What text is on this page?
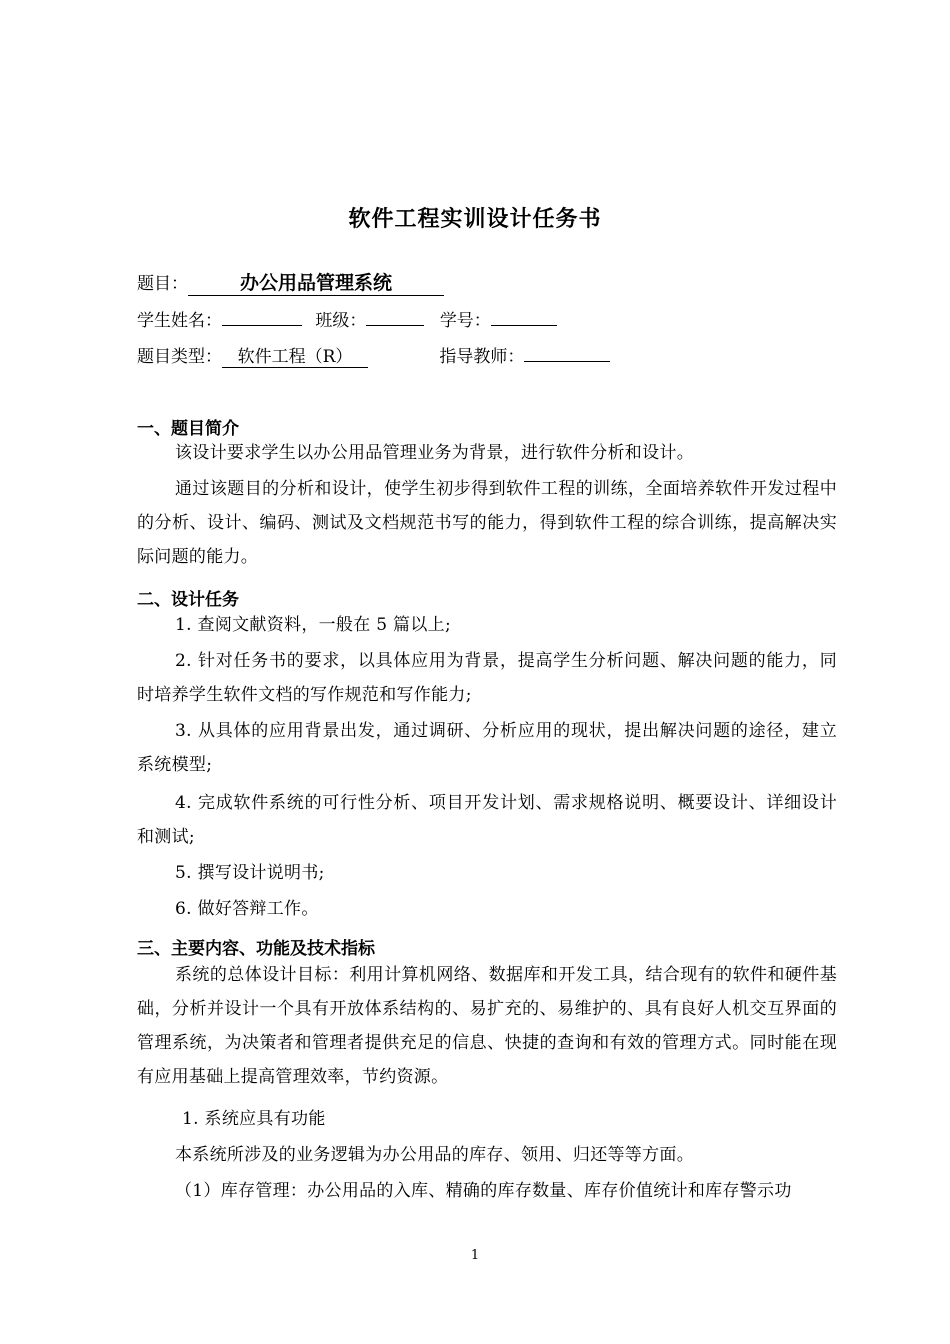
软件工程实训设计任务书
题目：	办公用品管理系统
学生姓名：	班级：	学号：
题目类型： 软件工程（R）	指导教师：
一、题目简介
该设计要求学生以办公用品管理业务为背景，进行软件分析和设计。
通过该题目的分析和设计，使学生初步得到软件工程的训练，全面培养软件开发过程中的分析、设计、编码、测试及文档规范书写的能力，得到软件工程的综合训练，提高解决实际问题的能力。
二、设计任务
1. 查阅文献资料，一般在 5 篇以上;
2. 针对任务书的要求，以具体应用为背景，提高学生分析问题、解决问题的能力，同时培养学生软件文档的写作规范和写作能力;
3. 从具体的应用背景出发，通过调研、分析应用的现状，提出解决问题的途径，建立系统模型;
4. 完成软件系统的可行性分析、项目开发计划、需求规格说明、概要设计、详细设计和测试;
5. 撰写设计说明书;
6. 做好答辩工作。
三、主要内容、功能及技术指标
系统的总体设计目标：利用计算机网络、数据库和开发工具，结合现有的软件和硬件基础，分析并设计一个具有开放体系结构的、易扩充的、易维护的、具有良好人机交互界面的管理系统，为决策者和管理者提供充足的信息、快捷的查询和有效的管理方式。同时能在现有应用基础上提高管理效率，节约资源。
1. 系统应具有功能
本系统所涉及的业务逻辑为办公用品的库存、领用、归还等等方面。
（1）库存管理：办公用品的入库、精确的库存数量、库存价值统计和库存警示功
1
